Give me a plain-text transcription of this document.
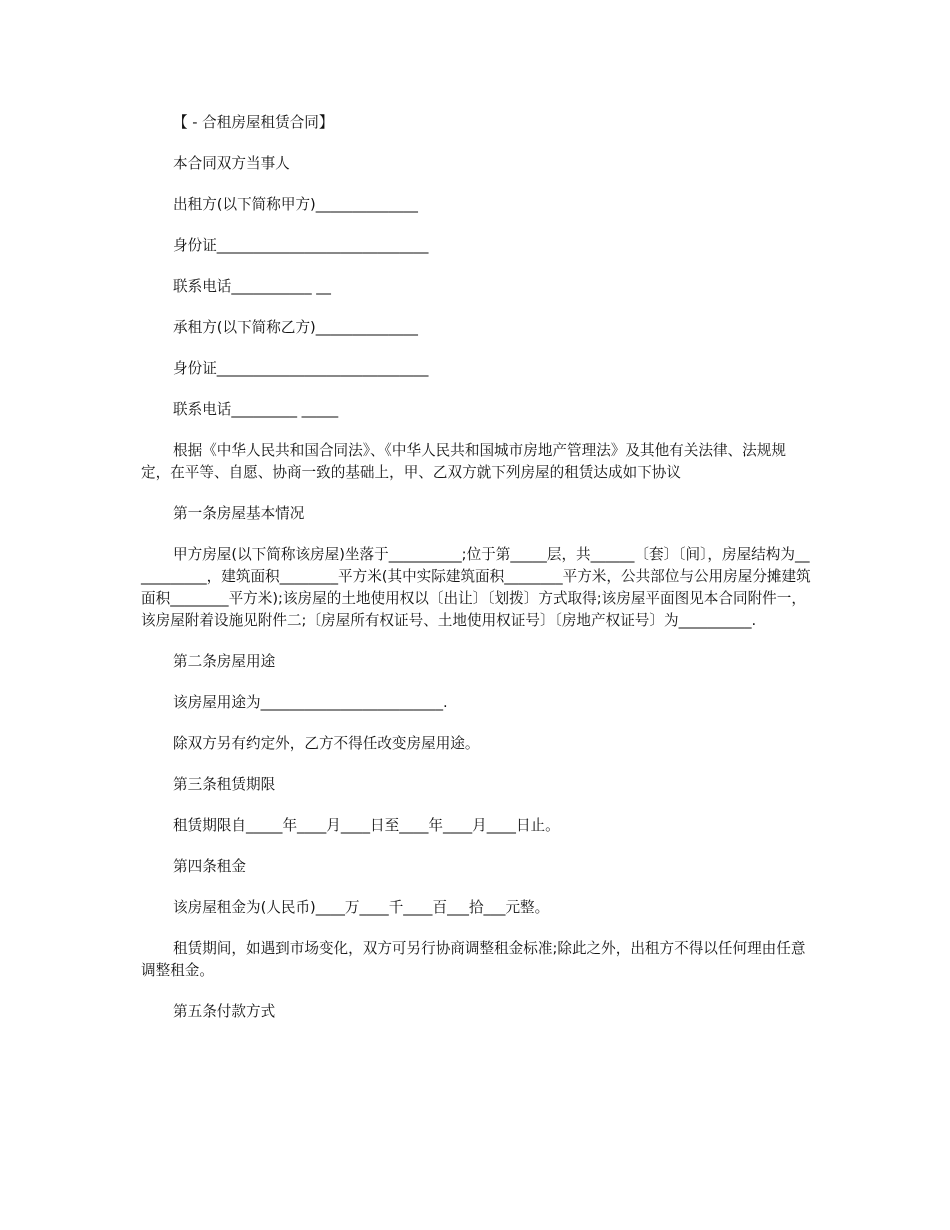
【 - 合租房屋租赁合同】

本合同双方当事人

出租方(以下简称甲方)______________

身份证_____________________________

联系电话___________ __

承租方(以下简称乙方)______________

身份证_____________________________

联系电话_________ _____

根据《中华人民共和国合同法》、《中华人民共和国城市房地产管理法》及其他有关法律、法规规定，在平等、自愿、协商一致的基础上，甲、乙双方就下列房屋的租赁达成如下协议

第一条房屋基本情况

甲方房屋(以下简称该房屋)坐落于__________;位于第_____层，共______〔套〕〔间〕，房屋结构为___________，建筑面积________平方米(其中实际建筑面积________平方米，公共部位与公用房屋分摊建筑面积________平方米);该房屋的土地使用权以〔出让〕〔划拨〕方式取得;该房屋平面图见本合同附件一，该房屋附着设施见附件二;〔房屋所有权证号、土地使用权证号〕〔房地产权证号〕为__________.

第二条房屋用途

该房屋用途为_________________________.

除双方另有约定外，乙方不得任改变房屋用途。

第三条租赁期限

租赁期限自_____年____月____日至____年____月____日止。

第四条租金

该房屋租金为(人民币)____万____千____百___拾___元整。

租赁期间，如遇到市场变化，双方可另行协商调整租金标准;除此之外，出租方不得以任何理由任意调整租金。

第五条付款方式
